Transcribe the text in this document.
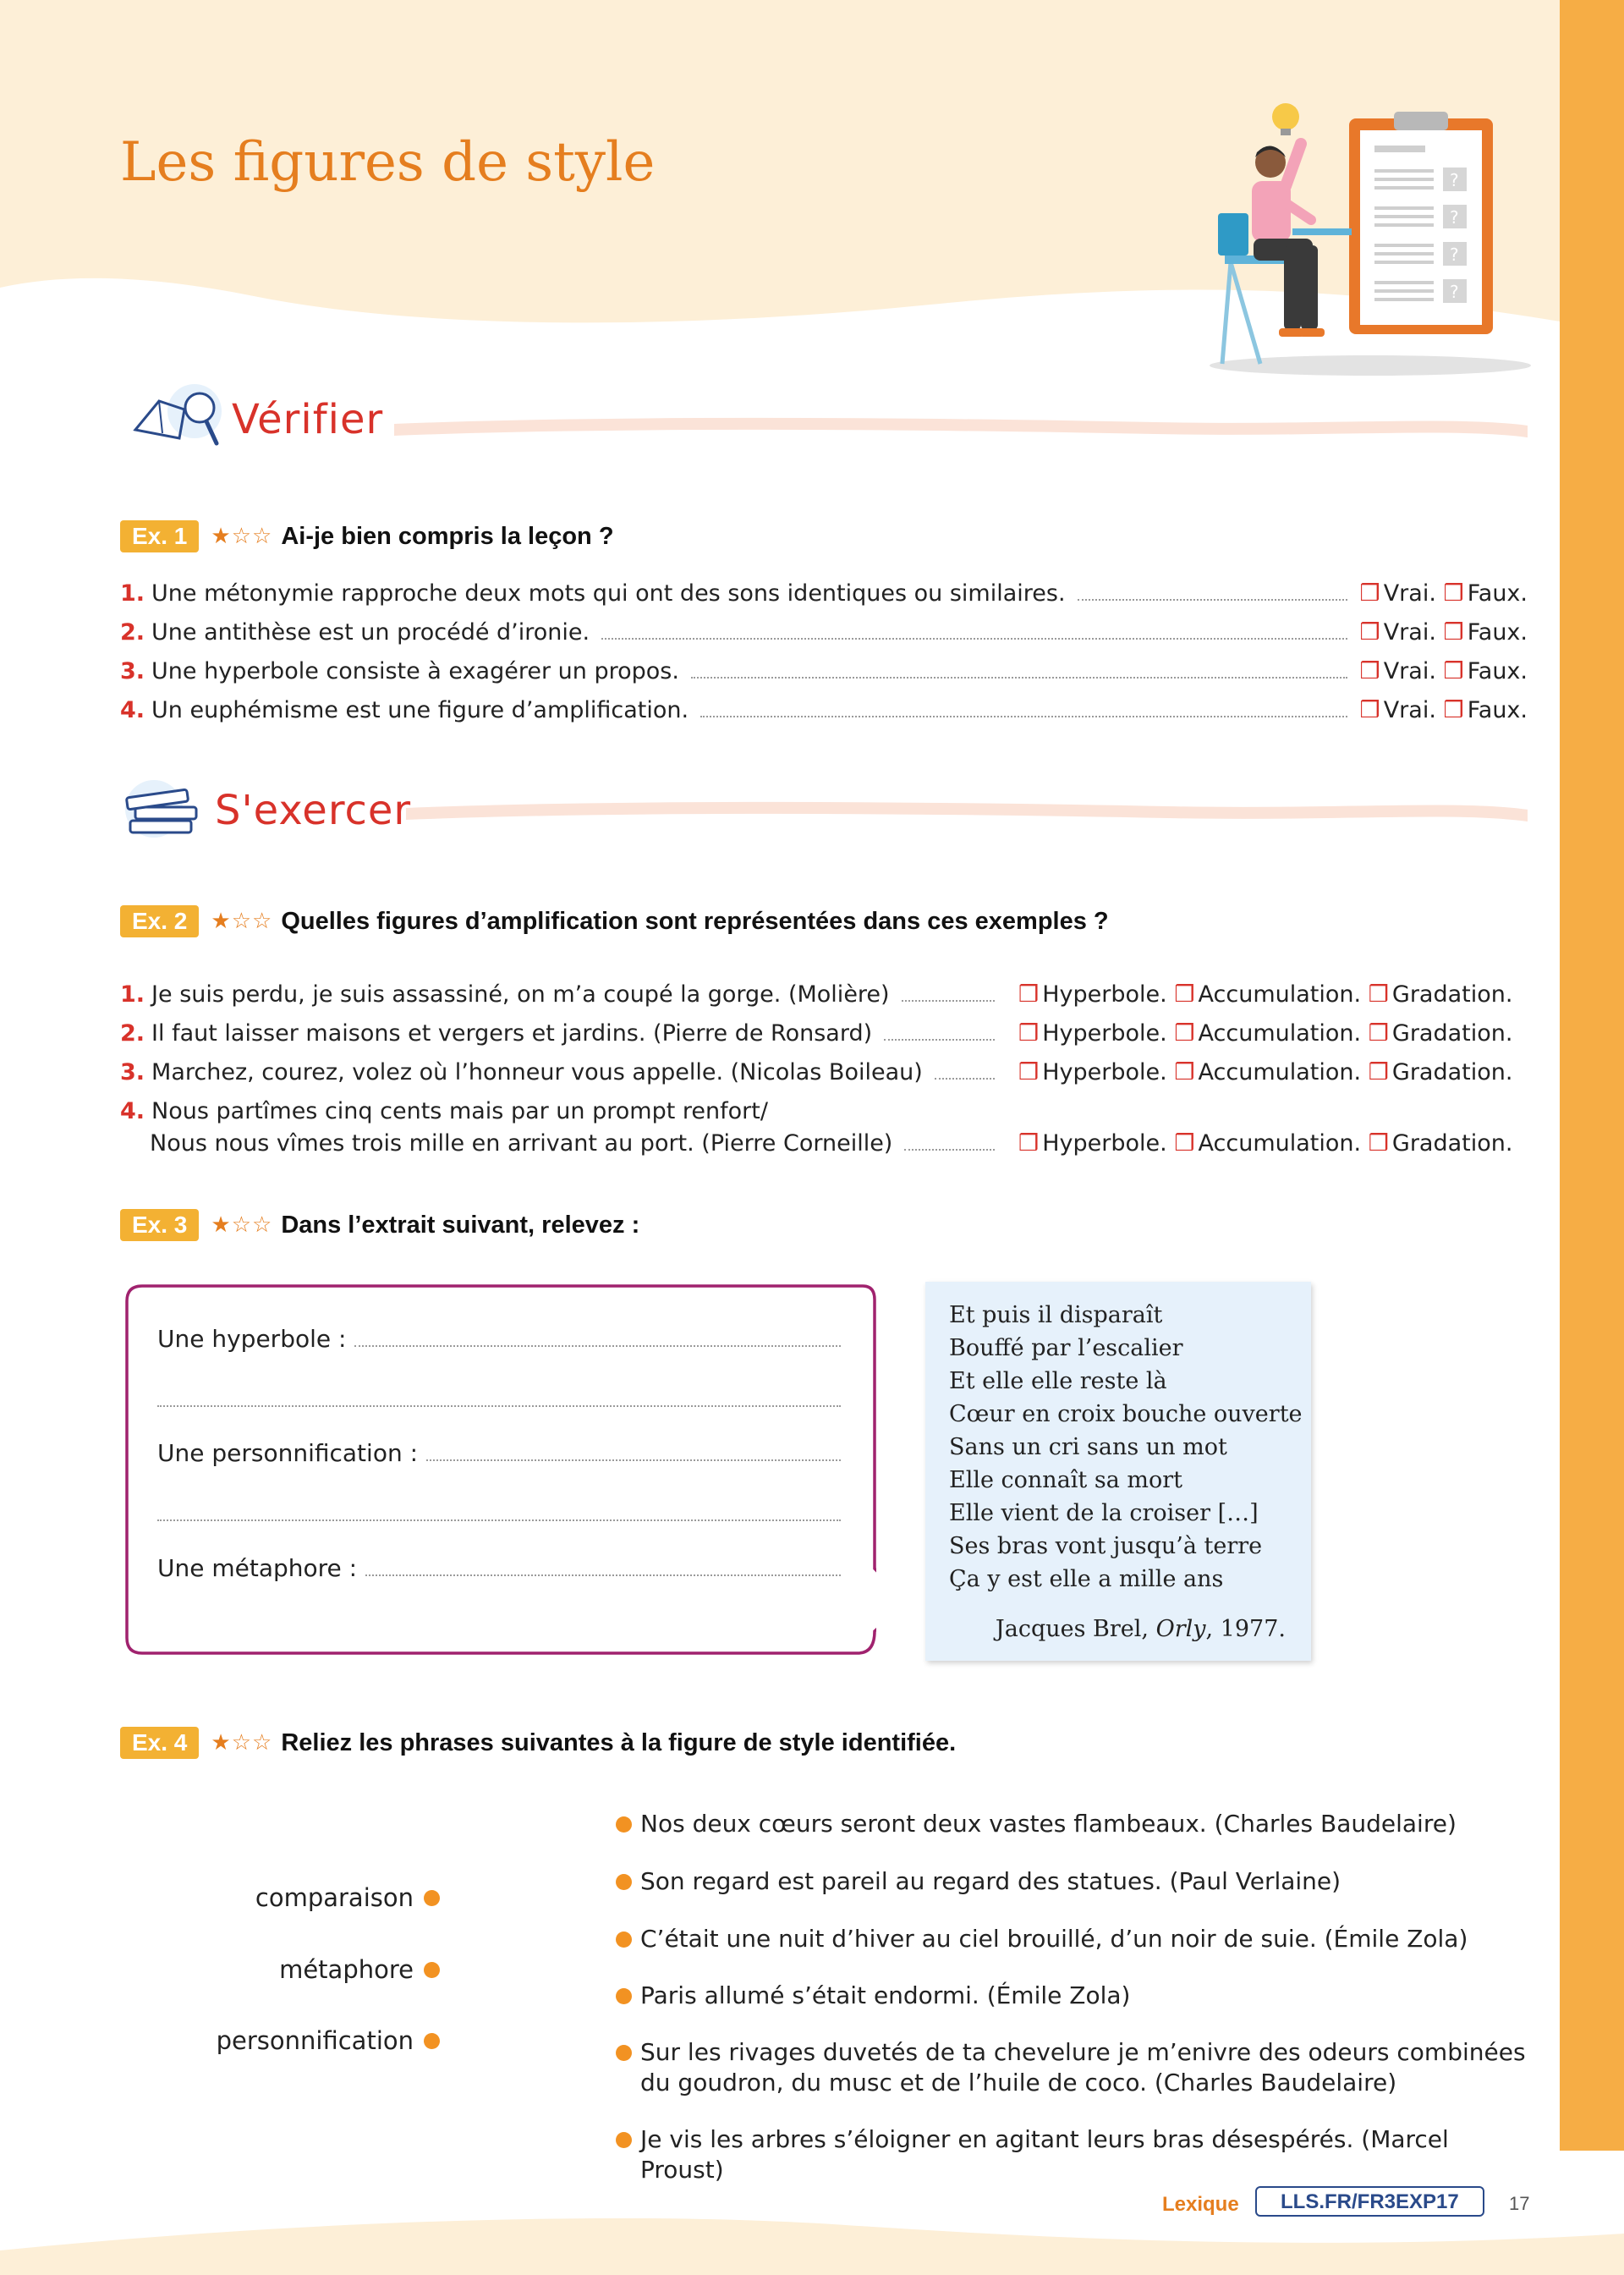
Les figures de style	?
?
?
?
Vérifier
Ex. 1	★☆☆ Ai-je bien compris la leçon ?
1. Une métonymie rapproche deux mots qui ont des sons identiques ou similaires.	❒ Vrai. ❒ Faux.
2. Une antithèse est un procédé d’ironie.	❒ Vrai. ❒ Faux.
3. Une hyperbole consiste à exagérer un propos.	❒ Vrai. ❒ Faux.
4. Un euphémisme est une figure d’amplification.	❒ Vrai. ❒ Faux.
S'exercer
Ex. 2	★☆☆ Quelles figures d’amplification sont représentées dans ces exemples ?
1. Je suis perdu, je suis assassiné, on m’a coupé la gorge. (Molière)	❒ Hyperbole. ❒ Accumulation. ❒ Gradation.
2. Il faut laisser maisons et vergers et jardins. (Pierre de Ronsard)	❒ Hyperbole. ❒ Accumulation. ❒ Gradation.
3. Marchez, courez, volez où l’honneur vous appelle. (Nicolas Boileau)	❒ Hyperbole. ❒ Accumulation. ❒ Gradation.
4. Nous partîmes cinq cents mais par un prompt renfort/
Nous nous vîmes trois mille en arrivant au port. (Pierre Corneille)	❒ Hyperbole. ❒ Accumulation. ❒ Gradation.
Ex. 3	★☆☆ Dans l’extrait suivant, relevez :
Une hyperbole :
Une personnification :
Une métaphore :
Et puis il disparaît
Bouffé par l’escalier
Et elle elle reste là
Cœur en croix bouche ouverte
Sans un cri sans un mot
Elle connaît sa mort
Elle vient de la croiser […]
Ses bras vont jusqu’à terre
Ça y est elle a mille ans
Jacques Brel, Orly, 1977.
Ex. 4	★☆☆ Reliez les phrases suivantes à la figure de style identifiée.
comparaison
métaphore
personnification
Nos deux cœurs seront deux vastes flambeaux. (Charles Baudelaire)
Son regard est pareil au regard des statues. (Paul Verlaine)
C’était une nuit d’hiver au ciel brouillé, d’un noir de suie. (Émile Zola)
Paris allumé s’était endormi. (Émile Zola)
Sur les rivages duvetés de ta chevelure je m’enivre des odeurs combinées du goudron, du musc et de l’huile de coco. (Charles Baudelaire)
Je vis les arbres s’éloigner en agitant leurs bras désespérés. (Marcel Proust)
Lexique	LLS.FR/FR3EXP17	17
